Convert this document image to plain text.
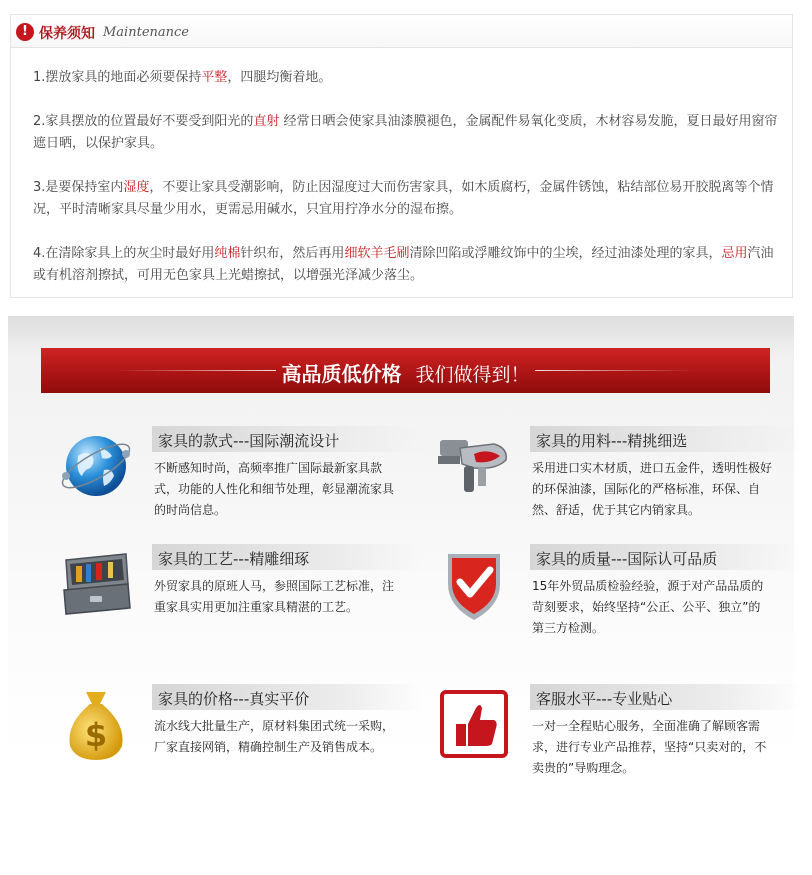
! 保养须知 Maintenance

1.摆放家具的地面必须要保持平整，四腿均衡着地。

2.家具摆放的位置最好不要受到阳光的直射 经常日晒会使家具油漆膜褪色，金属配件易氧化变质，木材容易发脆，夏日最好用窗帘遮日晒，以保护家具。

3.是要保持室内湿度，不要让家具受潮影响，防止因湿度过大而伤害家具，如木质腐朽，金属件锈蚀，粘结部位易开胶脱离等个情况，平时清晰家具尽量少用水，更需忌用碱水，只宜用拧净水分的湿布擦。

4.在清除家具上的灰尘时最好用纯棉针织布，然后再用细软羊毛刷清除凹陷或浮雕纹饰中的尘埃，经过油漆处理的家具，忌用汽油或有机溶剂擦拭，可用无色家具上光蜡擦拭，以增强光泽减少落尘。

高品质低价格 我们做得到！
家具的款式---国际潮流设计
不断感知时尚，高频率推广国际最新家具款式，功能的人性化和细节处理，彰显潮流家具的时尚信息。
家具的用料---精挑细选
采用进口实木材质，进口五金件，透明性极好的环保油漆，国际化的严格标准，环保、自然、舒适，优于其它内销家具。
家具的工艺---精雕细琢
外贸家具的原班人马，参照国际工艺标准，注重家具实用更加注重家具精湛的工艺。
家具的质量---国际认可品质
15年外贸品质检验经验，源于对产品品质的苛刻要求，始终坚持“公正、公平、独立”的第三方检测。
$
家具的价格---真实平价
流水线大批量生产，原材料集团式统一采购，厂家直接网销，精确控制生产及销售成本。
客服水平---专业贴心
一对一全程贴心服务，全面准确了解顾客需求，进行专业产品推荐，坚持“只卖对的，不卖贵的”导购理念。
